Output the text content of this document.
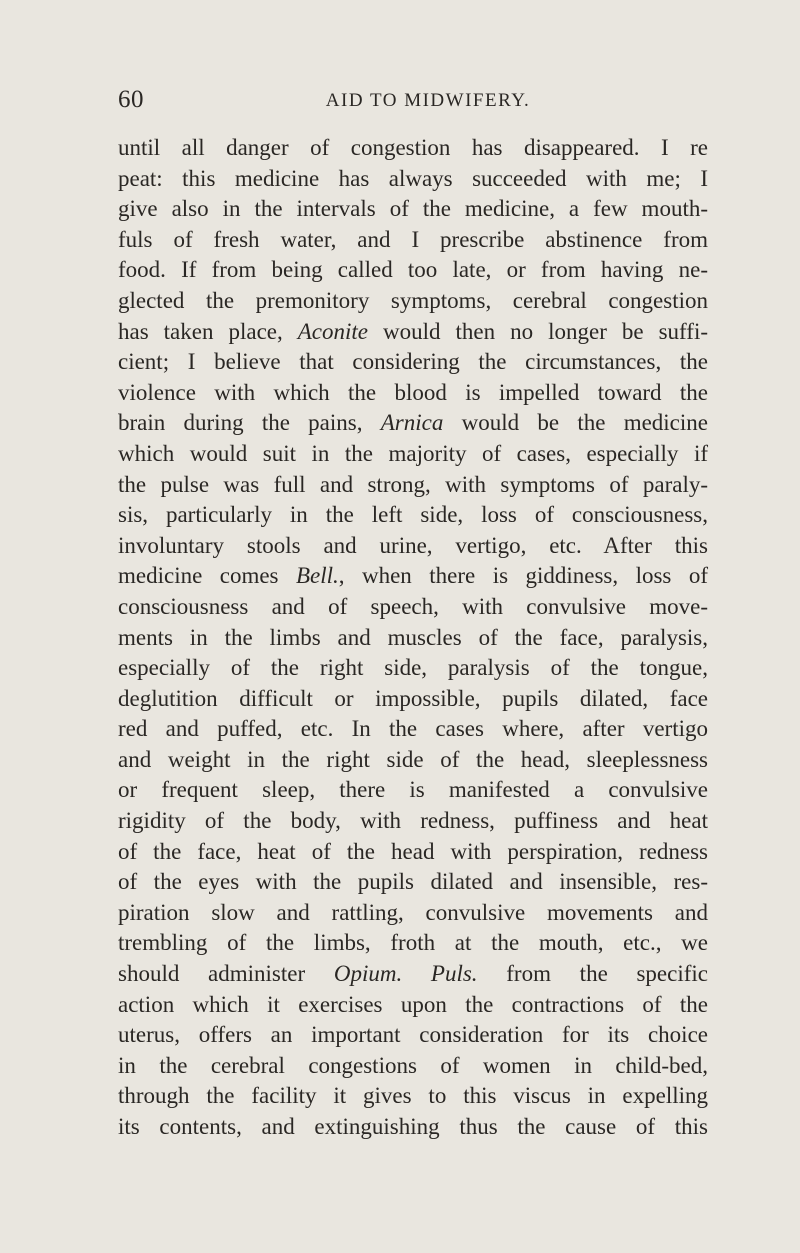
60	AID TO MIDWIFERY.
until all danger of congestion has disappeared. I re
peat: this medicine has always succeeded with me; I
give also in the intervals of the medicine, a few mouth-
fuls of fresh water, and I prescribe abstinence from
food. If from being called too late, or from having ne-
glected the premonitory symptoms, cerebral congestion
has taken place, Aconite would then no longer be suffi-
cient; I believe that considering the circumstances, the
violence with which the blood is impelled toward the
brain during the pains, Arnica would be the medicine
which would suit in the majority of cases, especially if
the pulse was full and strong, with symptoms of paraly-
sis, particularly in the left side, loss of consciousness,
involuntary stools and urine, vertigo, etc. After this
medicine comes Bell., when there is giddiness, loss of
consciousness and of speech, with convulsive move-
ments in the limbs and muscles of the face, paralysis,
especially of the right side, paralysis of the tongue,
deglutition difficult or impossible, pupils dilated, face
red and puffed, etc. In the cases where, after vertigo
and weight in the right side of the head, sleeplessness
or frequent sleep, there is manifested a convulsive
rigidity of the body, with redness, puffiness and heat
of the face, heat of the head with perspiration, redness
of the eyes with the pupils dilated and insensible, res-
piration slow and rattling, convulsive movements and
trembling of the limbs, froth at the mouth, etc., we
should administer Opium. Puls. from the specific
action which it exercises upon the contractions of the
uterus, offers an important consideration for its choice
in the cerebral congestions of women in child-bed,
through the facility it gives to this viscus in expelling
its contents, and extinguishing thus the cause of this
